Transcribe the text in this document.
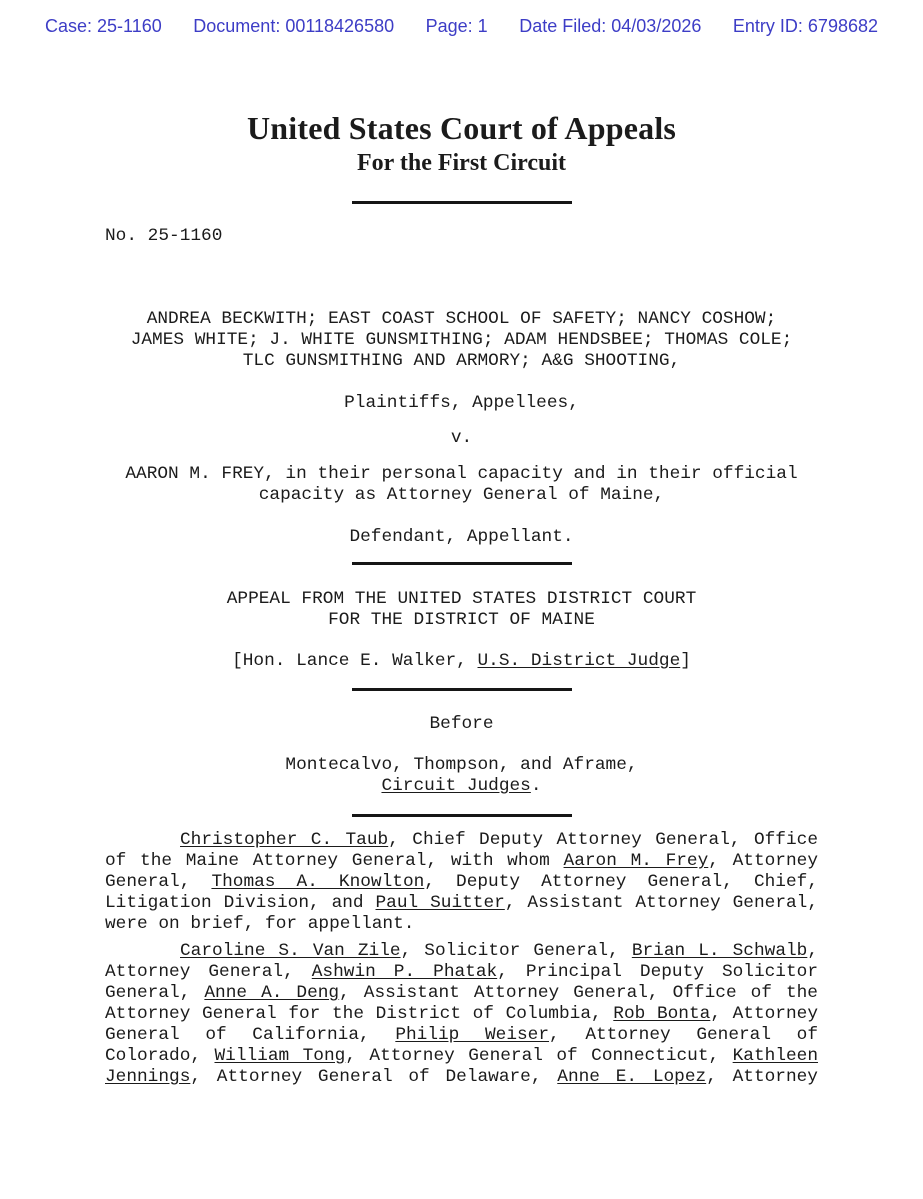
Case: 25-1160 Document: 00118426580 Page: 1 Date Filed: 04/03/2026 Entry ID: 6798682
United States Court of Appeals
For the First Circuit
No. 25-1160
ANDREA BECKWITH; EAST COAST SCHOOL OF SAFETY; NANCY COSHOW;
JAMES WHITE; J. WHITE GUNSMITHING; ADAM HENDSBEE; THOMAS COLE;
TLC GUNSMITHING AND ARMORY; A&G SHOOTING,
Plaintiffs, Appellees,
v.
AARON M. FREY, in their personal capacity and in their official
capacity as Attorney General of Maine,
Defendant, Appellant.
APPEAL FROM THE UNITED STATES DISTRICT COURT
FOR THE DISTRICT OF MAINE
[Hon. Lance E. Walker, U.S. District Judge]
Before
Montecalvo, Thompson, and Aframe,
Circuit Judges.
Christopher C. Taub, Chief Deputy Attorney General, Office
of the Maine Attorney General, with whom Aaron M. Frey, Attorney
General, Thomas A. Knowlton, Deputy Attorney General, Chief,
Litigation Division, and Paul Suitter, Assistant Attorney General,
were on brief, for appellant.
Caroline S. Van Zile, Solicitor General, Brian L. Schwalb,
Attorney General, Ashwin P. Phatak, Principal Deputy Solicitor
General, Anne A. Deng, Assistant Attorney General, Office of the
Attorney General for the District of Columbia, Rob Bonta, Attorney
General of California, Philip Weiser, Attorney General of
Colorado, William Tong, Attorney General of Connecticut, Kathleen
Jennings, Attorney General of Delaware, Anne E. Lopez, Attorney
